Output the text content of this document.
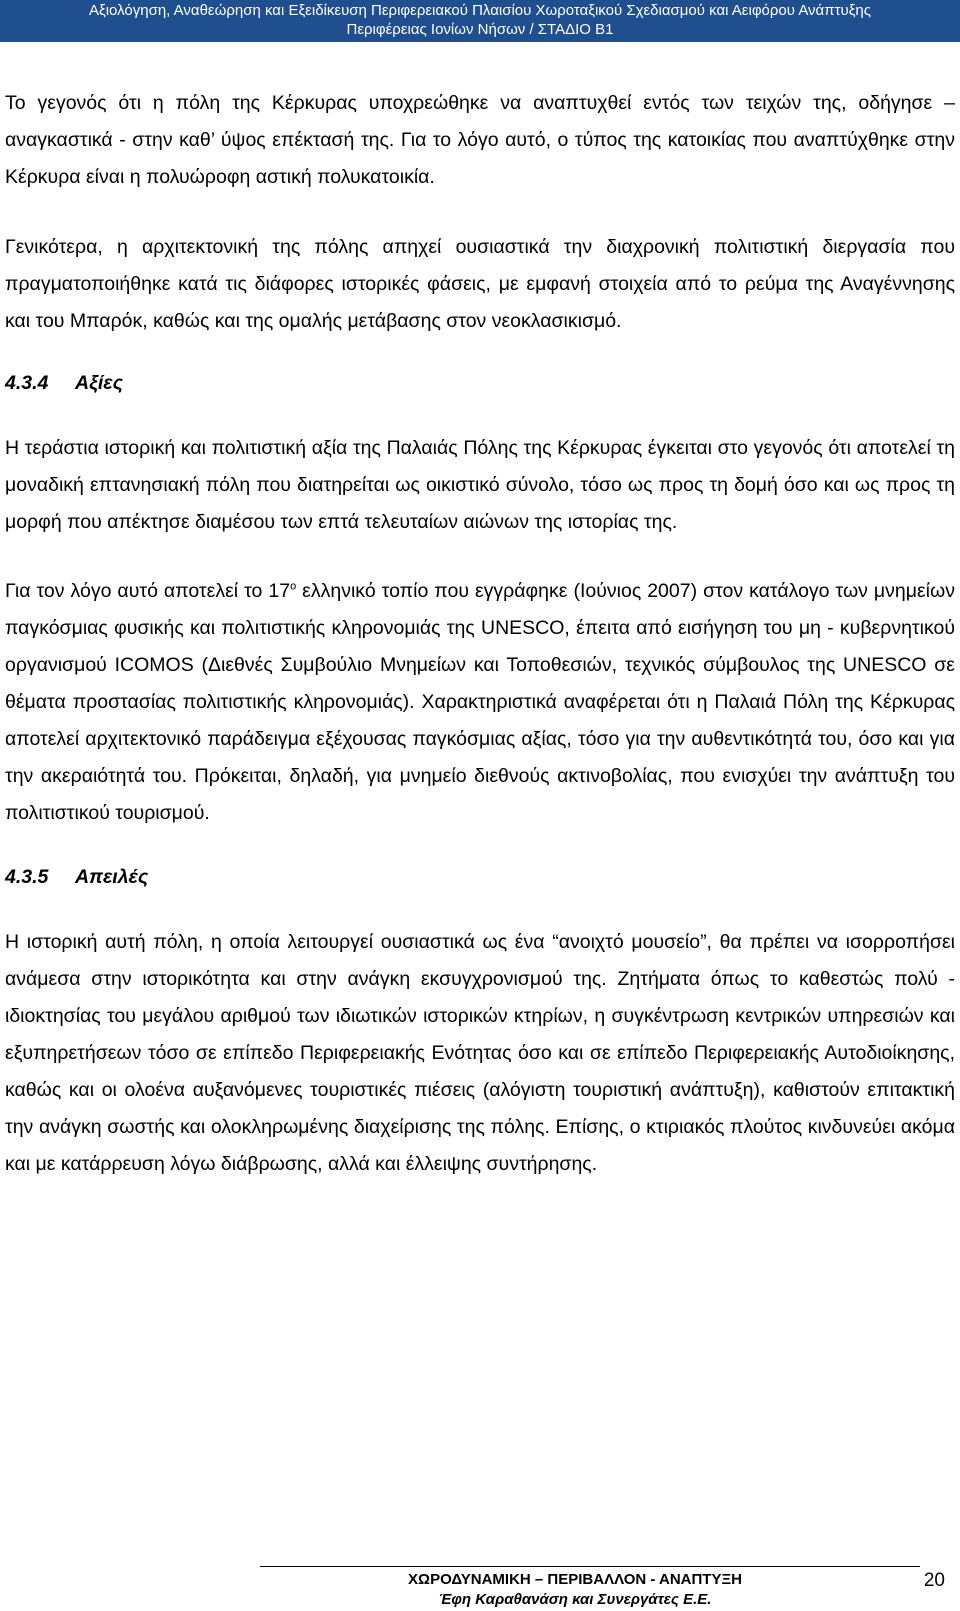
Αξιολόγηση, Αναθεώρηση και Εξειδίκευση Περιφερειακού Πλαισίου Χωροταξικού Σχεδιασμού και Αειφόρου Ανάπτυξης
Περιφέρειας Ιονίων Νήσων / ΣΤΑΔΙΟ Β1

Το γεγονός ότι η πόλη της Κέρκυρας υποχρεώθηκε να αναπτυχθεί εντός των τειχών της, οδήγησε – αναγκαστικά - στην καθ’ ύψος επέκτασή της. Για το λόγο αυτό, ο τύπος της κατοικίας που αναπτύχθηκε στην Κέρκυρα είναι η πολυώροφη αστική πολυκατοικία.

Γενικότερα, η αρχιτεκτονική της πόλης απηχεί ουσιαστικά την διαχρονική πολιτιστική διεργασία που πραγματοποιήθηκε κατά τις διάφορες ιστορικές φάσεις, με εμφανή στοιχεία από το ρεύμα της Αναγέννησης και του Μπαρόκ, καθώς και της ομαλής μετάβασης στον νεοκλασικισμό.

4.3.4 Αξίες

Η τεράστια ιστορική και πολιτιστική αξία της Παλαιάς Πόλης της Κέρκυρας έγκειται στο γεγονός ότι αποτελεί τη μοναδική επτανησιακή πόλη που διατηρείται ως οικιστικό σύνολο, τόσο ως προς τη δομή όσο και ως προς τη μορφή που απέκτησε διαμέσου των επτά τελευταίων αιώνων της ιστορίας της.

Για τον λόγο αυτό αποτελεί το $17^o$ ελληνικό τοπίο που εγγράφηκε (Ιούνιος 2007) στον κατάλογο των μνημείων παγκόσμιας φυσικής και πολιτιστικής κληρονομιάς της UNESCO, έπειτα από εισήγηση του μη - κυβερνητικού οργανισμού ICOMOS (Διεθνές Συμβούλιο Μνημείων και Τοποθεσιών, τεχνικός σύμβουλος της UNESCO σε θέματα προστασίας πολιτιστικής κληρονομιάς). Χαρακτηριστικά αναφέρεται ότι η Παλαιά Πόλη της Κέρκυρας αποτελεί αρχιτεκτονικό παράδειγμα εξέχουσας παγκόσμιας αξίας, τόσο για την αυθεντικότητά του, όσο και για την ακεραιότητά του. Πρόκειται, δηλαδή, για μνημείο διεθνούς ακτινοβολίας, που ενισχύει την ανάπτυξη του πολιτιστικού τουρισμού.

4.3.5 Απειλές

Η ιστορική αυτή πόλη, η οποία λειτουργεί ουσιαστικά ως ένα “ανοιχτό μουσείο”, θα πρέπει να ισορροπήσει ανάμεσα στην ιστορικότητα και στην ανάγκη εκσυγχρονισμού της. Ζητήματα όπως το καθεστώς πολύ - ιδιοκτησίας του μεγάλου αριθμού των ιδιωτικών ιστορικών κτηρίων, η συγκέντρωση κεντρικών υπηρεσιών και εξυπηρετήσεων τόσο σε επίπεδο Περιφερειακής Ενότητας όσο και σε επίπεδο Περιφερειακής Αυτοδιοίκησης, καθώς και οι ολοένα αυξανόμενες τουριστικές πιέσεις (αλόγιστη τουριστική ανάπτυξη), καθιστούν επιτακτική την ανάγκη σωστής και ολοκληρωμένης διαχείρισης της πόλης. Επίσης, ο κτιριακός πλούτος κινδυνεύει ακόμα και με κατάρρευση λόγω διάβρωσης, αλλά και έλλειψης συντήρησης.

ΧΩΡΟΔΥΝΑΜΙΚΗ – ΠΕΡΙΒΑΛΛΟΝ - ΑΝΑΠΤΥΞΗ
Έφη Καραθανάση και Συνεργάτες Ε.Ε.
20
